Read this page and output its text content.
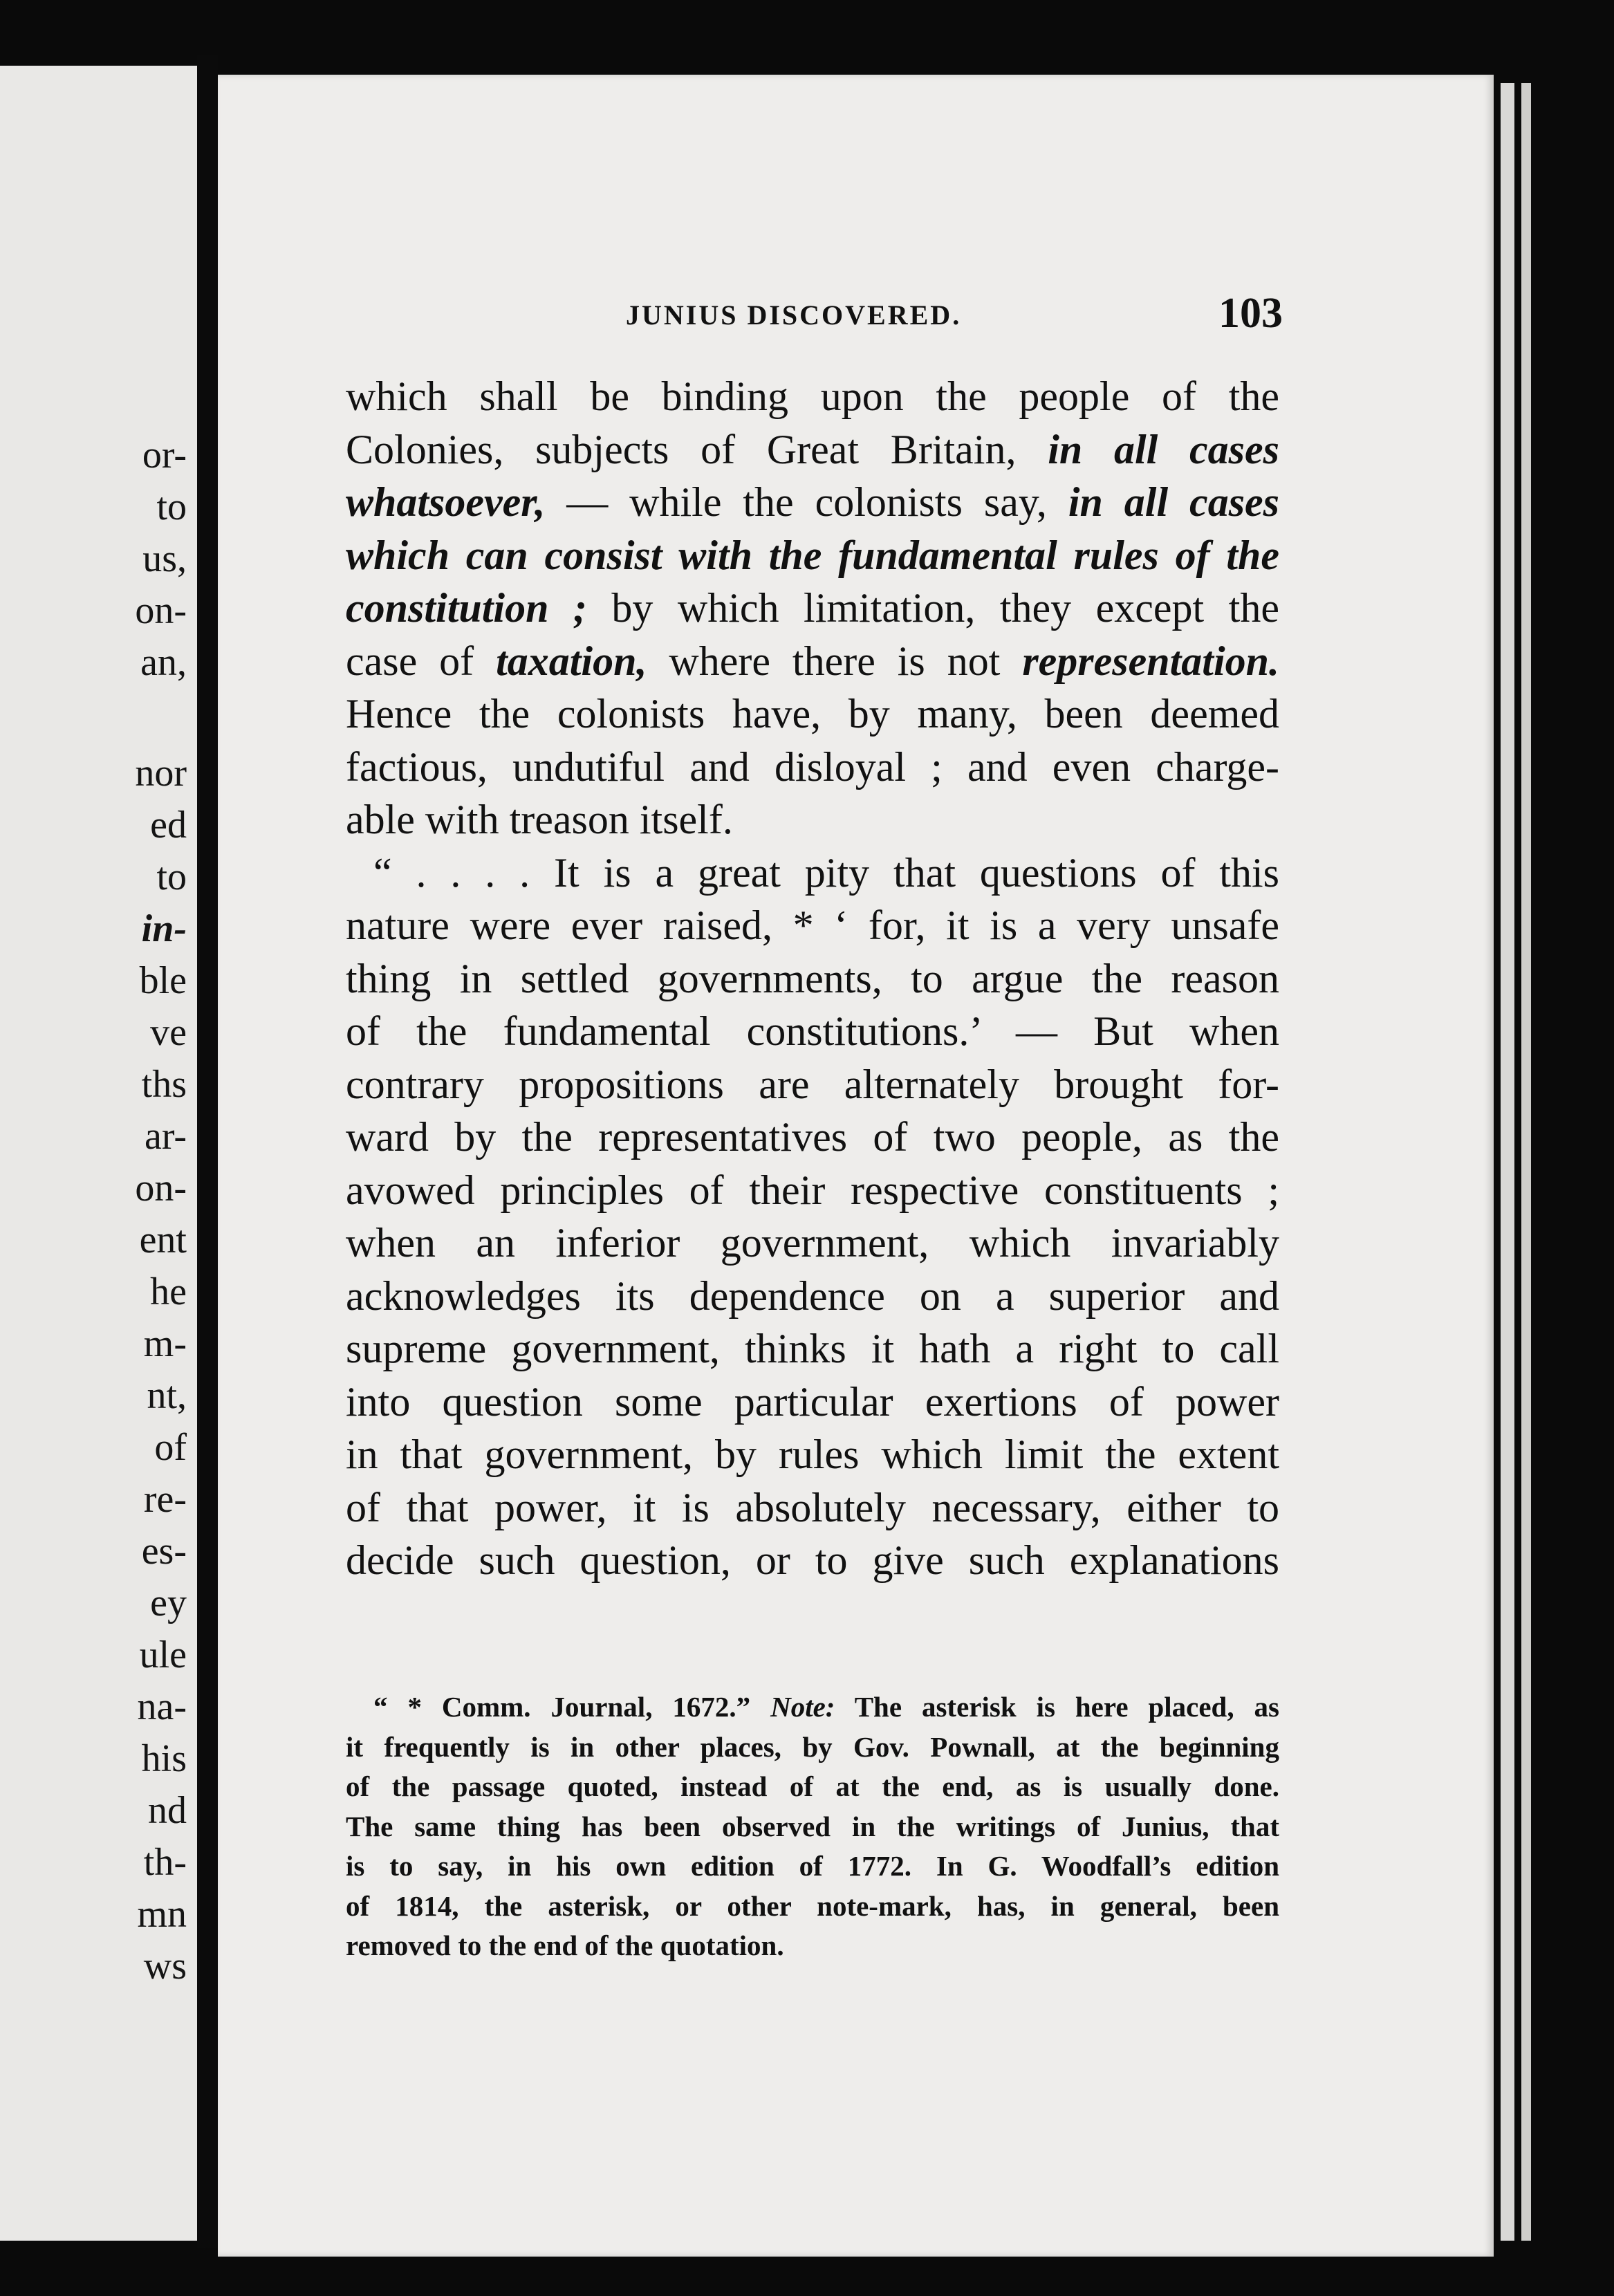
or-
to
us,
on-
an,
nor
ed
to
in-
ble
ve
ths
ar-
on-
ent
he
m-
nt,
of
re-
es-
ey
ule
na-
his
nd
th-
mn
ws
JUNIUS DISCOVERED.	103
which shall be binding upon the people of the
Colonies, subjects of Great Britain, in all cases
whatsoever, — while the colonists say, in all cases
which can consist with the fundamental rules of the
constitution ; by which limitation, they except the
case of taxation, where there is not representation.
Hence the colonists have, by many, been deemed
factious, undutiful and disloyal ; and even charge-
able with treason itself.
“ . . . . It is a great pity that questions of this
nature were ever raised, * ‘ for, it is a very unsafe
thing in settled governments, to argue the reason
of the fundamental constitutions.’ — But when
contrary propositions are alternately brought for-
ward by the representatives of two people, as the
avowed principles of their respective constituents ;
when an inferior government, which invariably
acknowledges its dependence on a superior and
supreme government, thinks it hath a right to call
into question some particular exertions of power
in that government, by rules which limit the extent
of that power, it is absolutely necessary, either to
decide such question, or to give such explanations
“ * Comm. Journal, 1672.” Note: The asterisk is here placed, as
it frequently is in other places, by Gov. Pownall, at the beginning
of the passage quoted, instead of at the end, as is usually done.
The same thing has been observed in the writings of Junius, that
is to say, in his own edition of 1772. In G. Woodfall’s edition
of 1814, the asterisk, or other note-mark, has, in general, been
removed to the end of the quotation.
